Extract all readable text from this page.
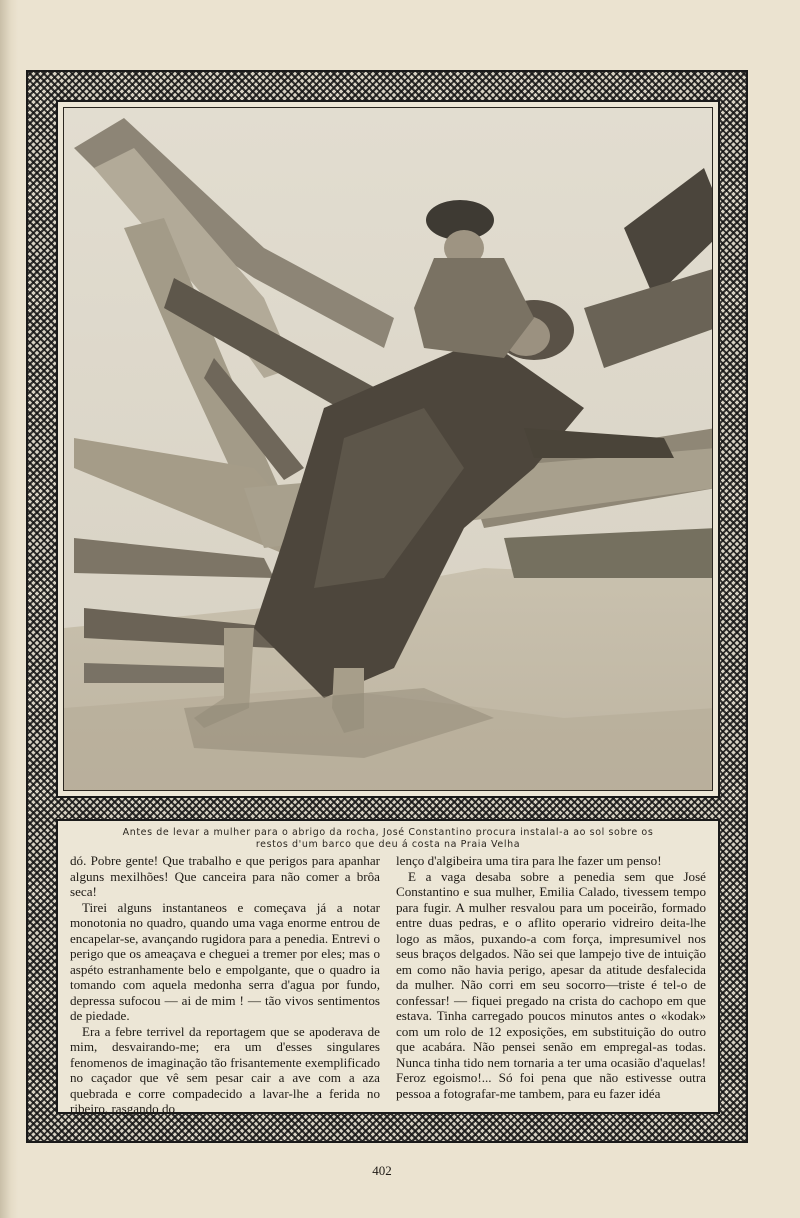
Antes de levar a mulher para o abrigo da rocha, José Constantino procura instalal-a ao sol sobre os
restos d'um barco que deu á costa na Praia Velha

dó. Pobre gente! Que trabalho e que perigos para apanhar alguns mexilhões! Que canceira para não comer a brôa seca!

Tirei alguns instantaneos e começava já a notar monotonia no quadro, quando uma vaga enorme entrou de encapelar-se, avançando rugidora para a penedia. Entrevi o perigo que os ameaçava e cheguei a tremer por eles; mas o aspéto estranhamente belo e empolgante, que o quadro ia tomando com aquela medonha serra d'agua por fundo, depressa sufocou — ai de mim ! — tão vivos sentimentos de piedade.

Era a febre terrivel da reportagem que se apoderava de mim, desvairando-me; era um d'esses singulares fenomenos de imaginação tão frisantemente exemplificado no caçador que vê sem pesar cair a ave com a aza quebrada e corre compadecido a lavar-lhe a ferida no ribeiro, rasgando do

lenço d'algibeira uma tira para lhe fazer um penso!

E a vaga desaba sobre a penedia sem que José Constantino e sua mulher, Emilia Calado, tivessem tempo para fugir. A mulher resvalou para um poceirão, formado entre duas pedras, e o aflito operario vidreiro deita-lhe logo as mãos, puxando-a com força, impresumivel nos seus braços delgados. Não sei que lampejo tive de intuição em como não havia perigo, apesar da atitude desfalecida da mulher. Não corri em seu socorro—triste é tel-o de confessar! — fiquei pregado na crista do cachopo em que estava. Tinha carregado poucos minutos antes o «kodak» com um rolo de 12 exposições, em substituição do outro que acabára. Não pensei senão em empregal-as todas. Nunca tinha tido nem tornaria a ter uma ocasião d'aquelas! Feroz egoismo!... Só foi pena que não estivesse outra pessoa a fotografar-me tambem, para eu fazer idéa

402
